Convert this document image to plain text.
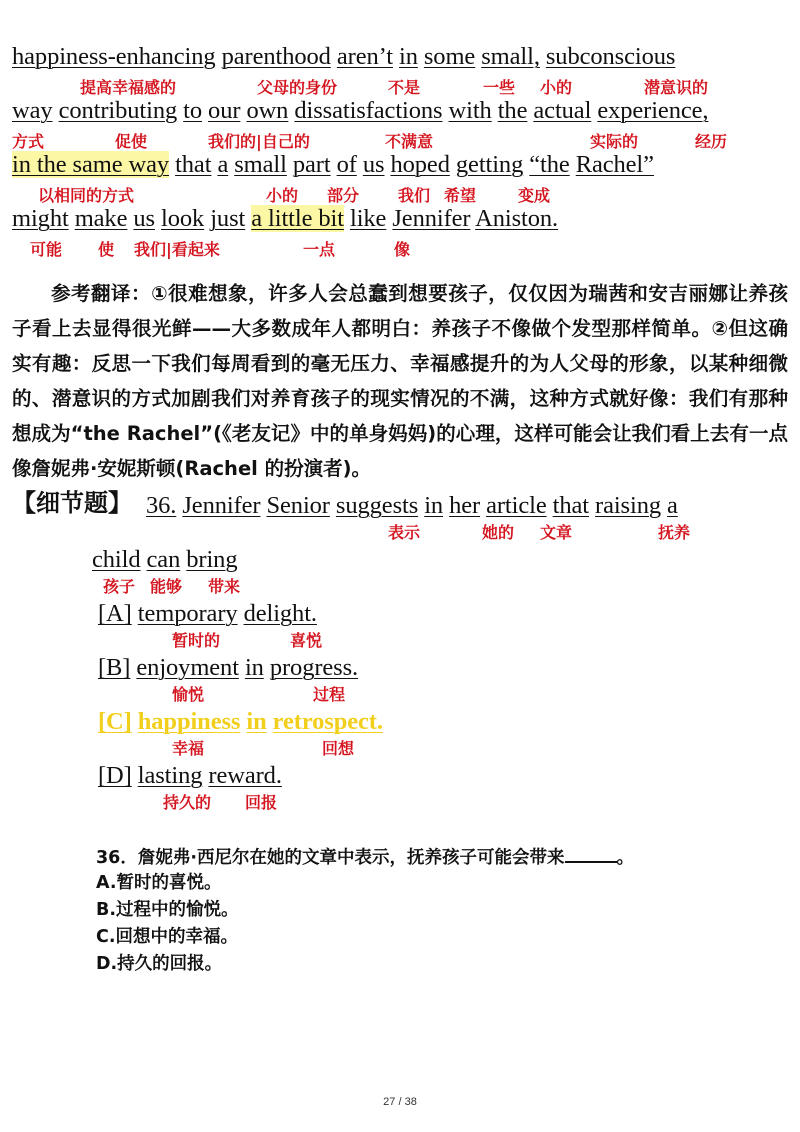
happiness-enhancing parenthood aren’t in some small, subconscious

提高幸福感的	父母的身份	不是	一些 小的	潜意识的

way contributing to our own dissatisfactions with the actual experience,

方式	促使	我们的|自己的	不满意	实际的	经历

in the same way that a small part of us hoped getting “the Rachel”

以相同的方式	小的 部分 我们 希望	变成

might make us look just a little bit like Jennifer Aniston.

可能 使 我们|看起来	一点	像

参考翻译：①很难想象，许多人会总蠢到想要孩子，仅仅因为瑞茜和安吉丽娜让养孩子看上去显得很光鲜——大多数成年人都明白：养孩子不像做个发型那样简单。②但这确实有趣：反思一下我们每周看到的毫无压力、幸福感提升的为人父母的形象，以某种细微的、潜意识的方式加剧我们对养育孩子的现实情况的不满，这种方式就好像：我们有那种想成为“the Rachel”(《老友记》中的单身妈妈)的心理，这样可能会让我们看上去有一点像詹妮弗·安妮斯顿(Rachel 的扮演者)。

【细节题】 36. Jennifer Senior suggests in her article that raising a

表示	她的 文章	抚养

child can bring

孩子 能够 带来

[A] temporary delight.

暂时的	喜悦

[B] enjoyment in progress.

愉悦	过程

[C] happiness in retrospect.

幸福	回想

[D] lasting reward.

持久的 回报

36．詹妮弗·西尼尔在她的文章中表示，抚养孩子可能会带来	。

A.暂时的喜悦。

B.过程中的愉悦。

C.回想中的幸福。

D.持久的回报。

27 / 38
